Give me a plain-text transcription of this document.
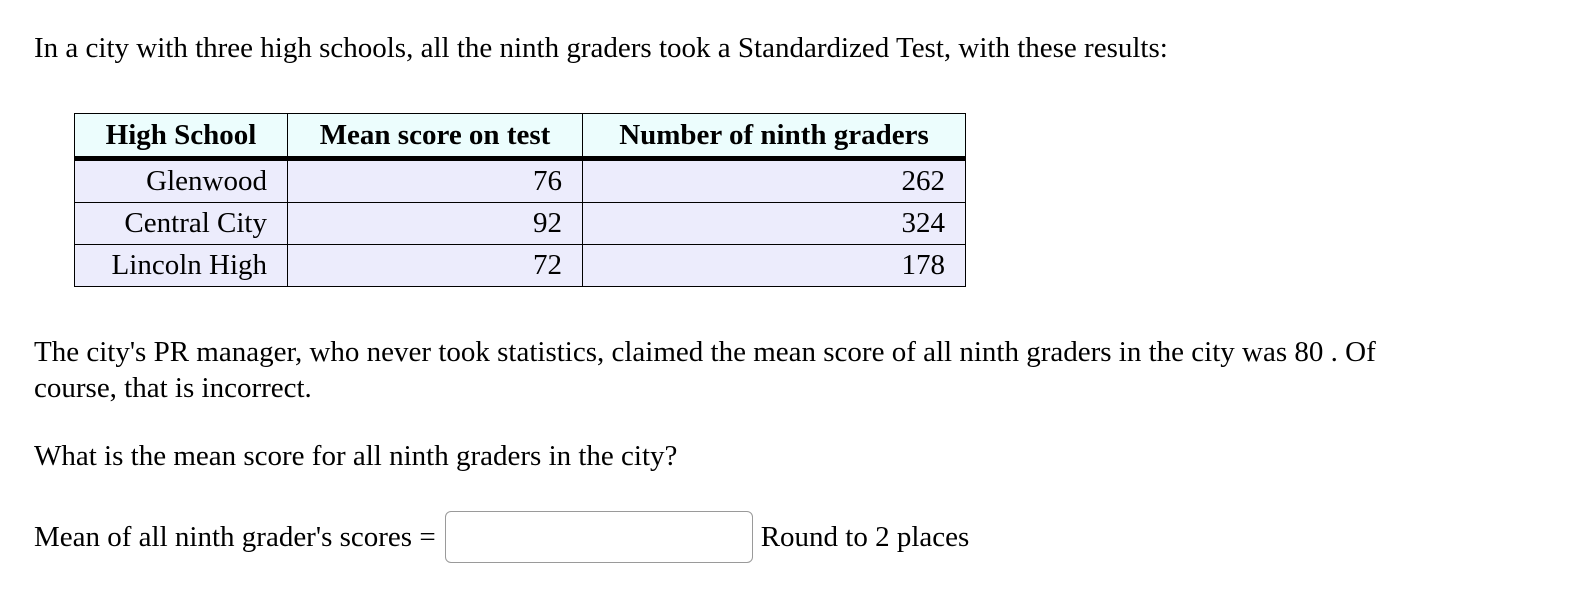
In a city with three high schools, all the ninth graders took a Standardized Test, with these results:

High School	Mean score on test	Number of ninth graders
Glenwood	76	262
Central City	92	324
Lincoln High	72	178

The city's PR manager, who never took statistics, claimed the mean score of all ninth graders in the city was 80 . Of course, that is incorrect.

What is the mean score for all ninth graders in the city?

Mean of all ninth grader's scores =	Round to 2 places
